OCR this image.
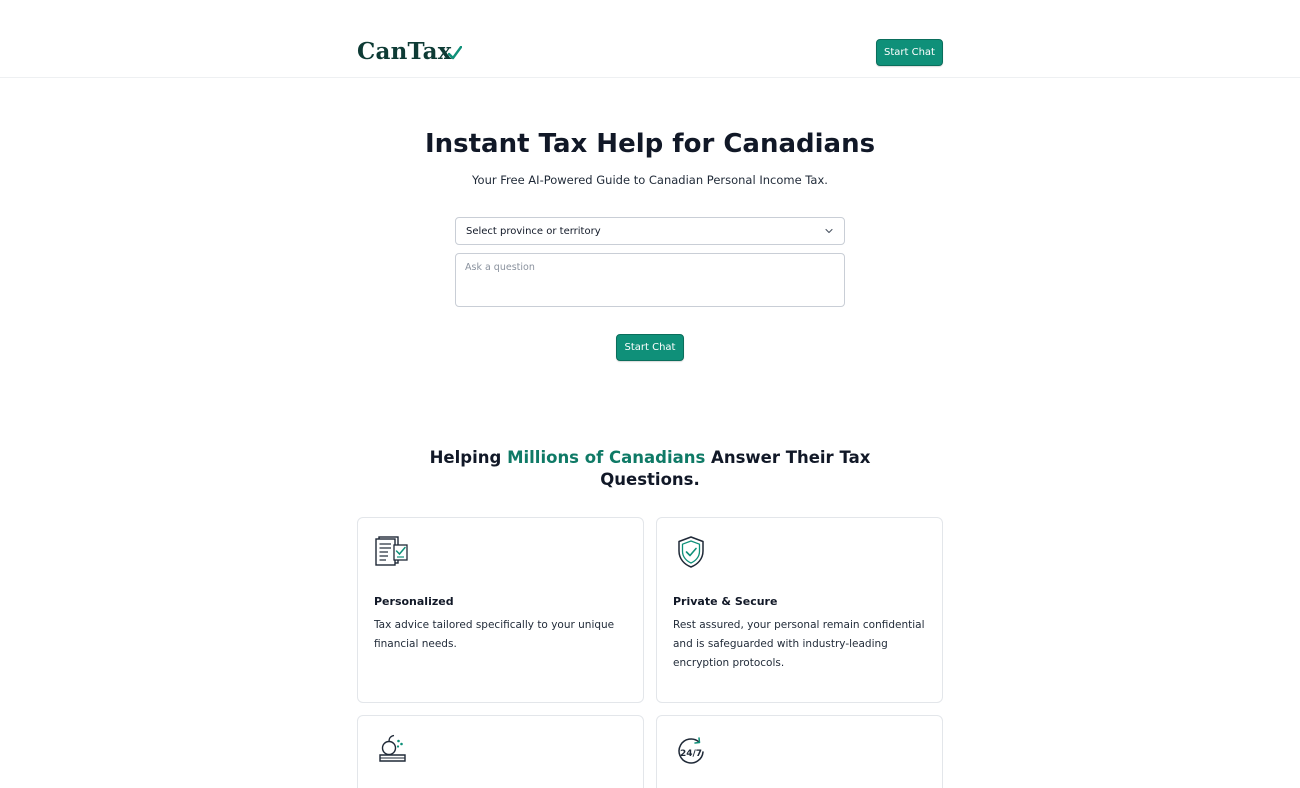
CanTax	Start Chat
Instant Tax Help for Canadians

Your Free AI-Powered Guide to Canadian Personal Income Tax.

Select province or territory
Ask a question
Start Chat
Helping Millions of Canadians Answer Their Tax Questions.
Personalized
Tax advice tailored specifically to your unique financial needs.
Private & Secure
Rest assured, your personal remain confidential and is safeguarded with industry-leading encryption protocols.
24/7
